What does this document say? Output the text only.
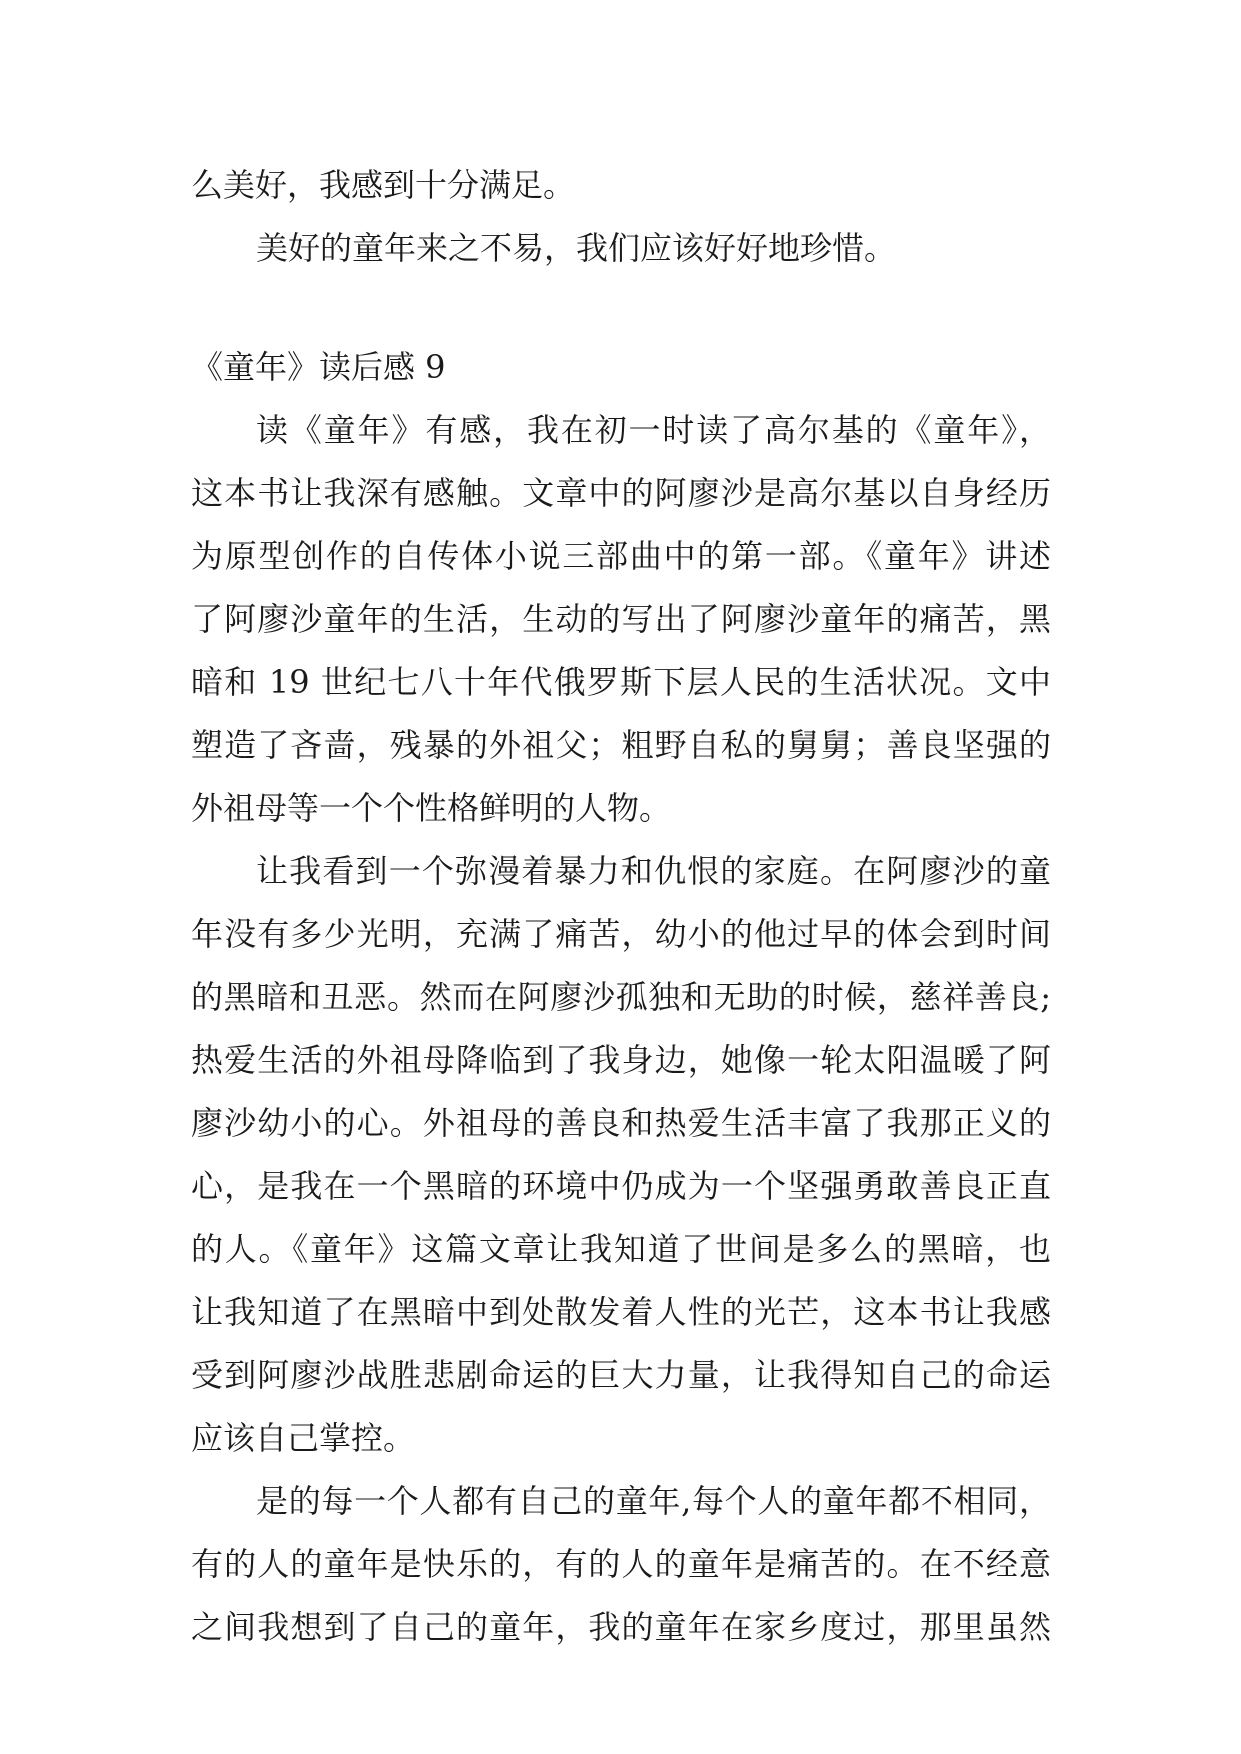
么美好，我感到十分满足。

美好的童年来之不易，我们应该好好地珍惜。

《童年》读后感 9

读《童年》有感，我在初一时读了高尔基的《童年》，

这本书让我深有感触。文章中的阿廖沙是高尔基以自身经历

为原型创作的自传体小说三部曲中的第一部。《童年》讲述

了阿廖沙童年的生活，生动的写出了阿廖沙童年的痛苦，黑

暗和 19 世纪七八十年代俄罗斯下层人民的生活状况。文中

塑造了吝啬，残暴的外祖父；粗野自私的舅舅；善良坚强的

外祖母等一个个性格鲜明的人物。

让我看到一个弥漫着暴力和仇恨的家庭。在阿廖沙的童

年没有多少光明，充满了痛苦，幼小的他过早的体会到时间

的黑暗和丑恶。然而在阿廖沙孤独和无助的时候，慈祥善良;

热爱生活的外祖母降临到了我身边，她像一轮太阳温暖了阿

廖沙幼小的心。外祖母的善良和热爱生活丰富了我那正义的

心，是我在一个黑暗的环境中仍成为一个坚强勇敢善良正直

的人。《童年》这篇文章让我知道了世间是多么的黑暗，也

让我知道了在黑暗中到处散发着人性的光芒，这本书让我感

受到阿廖沙战胜悲剧命运的巨大力量，让我得知自己的命运

应该自己掌控。

是的每一个人都有自己的童年,每个人的童年都不相同，

有的人的童年是快乐的，有的人的童年是痛苦的。在不经意

之间我想到了自己的童年，我的童年在家乡度过，那里虽然
